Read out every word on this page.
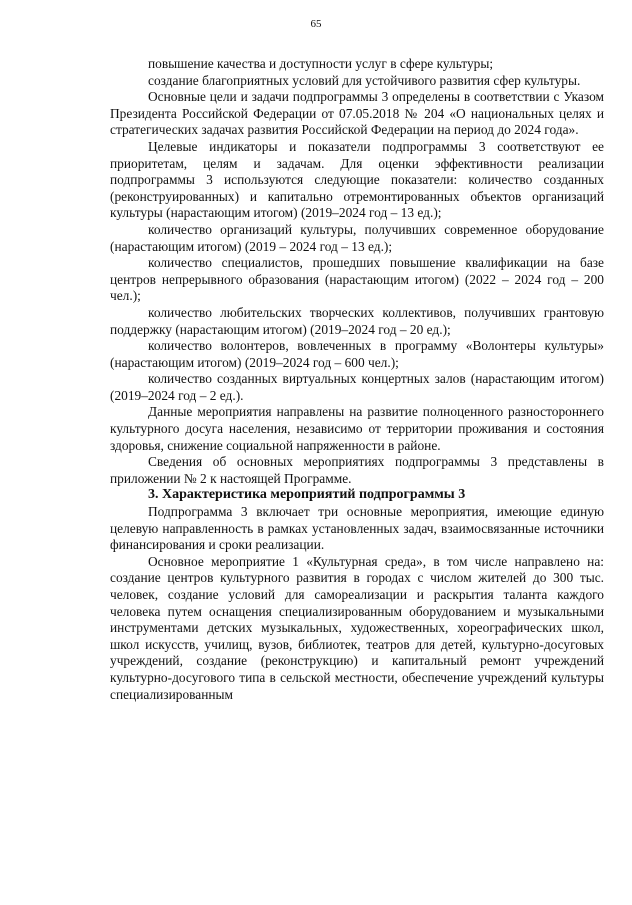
65

повышение качества и доступности услуг в сфере культуры;

создание благоприятных условий для устойчивого развития сфер культуры.

Основные цели и задачи подпрограммы 3 определены в соответствии с Указом Президента Российской Федерации от 07.05.2018 № 204 «О национальных целях и стратегических задачах развития Российской Федерации на период до 2024 года».

Целевые индикаторы и показатели подпрограммы 3 соответствуют ее приоритетам, целям и задачам. Для оценки эффективности реализации подпрограммы 3 используются следующие показатели: количество созданных (реконструированных) и капитально отремонтированных объектов организаций культуры (нарастающим итогом) (2019–2024 год – 13 ед.);

количество организаций культуры, получивших современное оборудование (нарастающим итогом) (2019 – 2024 год – 13 ед.);

количество специалистов, прошедших повышение квалификации на базе центров непрерывного образования (нарастающим итогом) (2022 – 2024 год – 200 чел.);

количество любительских творческих коллективов, получивших грантовую поддержку (нарастающим итогом) (2019–2024 год – 20 ед.);

количество волонтеров, вовлеченных в программу «Волонтеры культуры» (нарастающим итогом) (2019–2024 год – 600 чел.);

количество созданных виртуальных концертных залов (нарастающим итогом) (2019–2024 год – 2 ед.).

Данные мероприятия направлены на развитие полноценного разностороннего культурного досуга населения, независимо от территории проживания и состояния здоровья, снижение социальной напряженности в районе.

Сведения об основных мероприятиях подпрограммы 3 представлены в приложении № 2 к настоящей Программе.

3. Характеристика мероприятий подпрограммы 3

Подпрограмма 3 включает три основные мероприятия, имеющие единую целевую направленность в рамках установленных задач, взаимосвязанные источники финансирования и сроки реализации.

Основное мероприятие 1 «Культурная среда», в том числе направлено на: создание центров культурного развития в городах с числом жителей до 300 тыс. человек, создание условий для самореализации и раскрытия таланта каждого человека путем оснащения специализированным оборудованием и музыкальными инструментами детских музыкальных, художественных, хореографических школ, школ искусств, училищ, вузов, библиотек, театров для детей, культурно-досуговых учреждений, создание (реконструкцию) и капитальный ремонт учреждений культурно-досугового типа в сельской местности, обеспечение учреждений культуры специализированным
